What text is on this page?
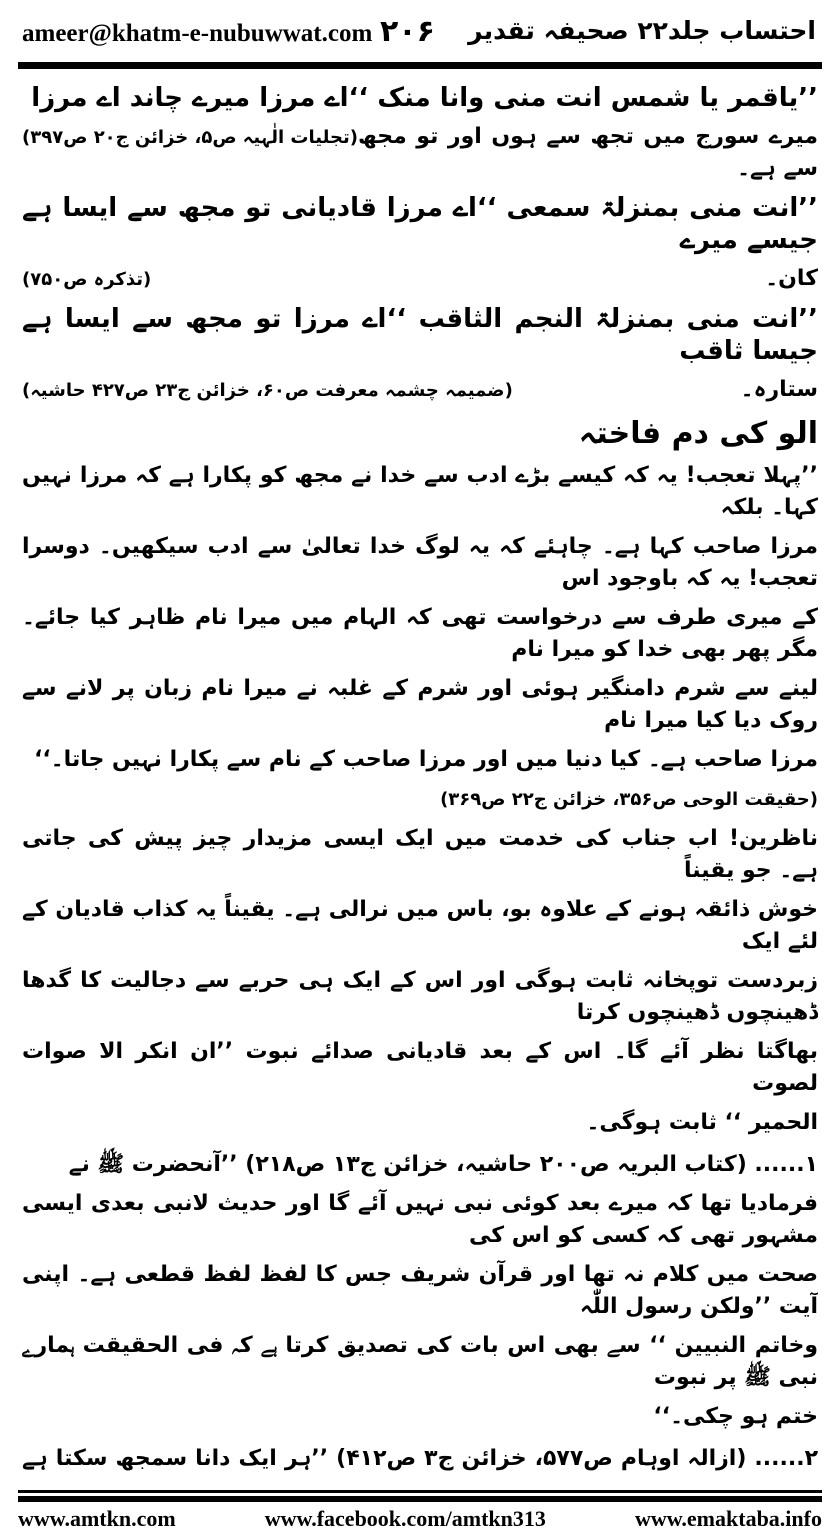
ameer@khatm-e-nubuwwat.com ۲۰۶ احتساب جلد۲۲ صحیفہ تقدیر

’’یاقمر یا شمس انت منی وانا منک ‘‘اے مرزا میرے چاند اے مرزا

میرے سورج میں تجھ سے ہوں اور تو مجھ سے ہے۔
(تجلیات الٰہیہ ص۵، خزائن ج۲۰ ص۳۹۷)

’’انت منی بمنزلۃ سمعی ‘‘اے مرزا قادیانی تو مجھ سے ایسا ہے جیسے میرے

کان۔
(تذکرہ ص۷۵۰)

’’انت منی بمنزلۃ النجم الثاقب ‘‘اے مرزا تو مجھ سے ایسا ہے جیسا ثاقب

ستارہ۔
(ضمیمہ چشمہ معرفت ص۶۰، خزائن ج۲۳ ص۴۲۷ حاشیہ)
الو کی دم فاختہ

’’پہلا تعجب! یہ کہ کیسے بڑے ادب سے خدا نے مجھ کو پکارا ہے کہ مرزا نہیں کہا۔ بلکہ

مرزا صاحب کہا ہے۔ چاہئے کہ یہ لوگ خدا تعالیٰ سے ادب سیکھیں۔ دوسرا تعجب! یہ کہ باوجود اس

کے میری طرف سے درخواست تھی کہ الہام میں میرا نام ظاہر کیا جائے۔ مگر پھر بھی خدا کو میرا نام

لینے سے شرم دامنگیر ہوئی اور شرم کے غلبہ نے میرا نام زبان پر لانے سے روک دیا کیا میرا نام

مرزا صاحب ہے۔ کیا دنیا میں اور مرزا صاحب کے نام سے پکارا نہیں جاتا۔‘‘

(حقیقت الوحی ص۳۵۶، خزائن ج۲۲ ص۳۶۹)

ناظرین! اب جناب کی خدمت میں ایک ایسی مزیدار چیز پیش کی جاتی ہے۔ جو یقیناً

خوش ذائقہ ہونے کے علاوہ بو، باس میں نرالی ہے۔ یقیناً یہ کذاب قادیان کے لئے ایک

زبردست توپخانہ ثابت ہوگی اور اس کے ایک ہی حربے سے دجالیت کا گدھا ڈھینچوں ڈھینچوں کرتا

بھاگتا نظر آئے گا۔ اس کے بعد قادیانی صدائے نبوت ’’ان انکر الا صوات لصوت

الحمیر ‘‘ ثابت ہوگی۔

۱...... (کتاب البریہ ص۲۰۰ حاشیہ، خزائن ج۱۳ ص۲۱۸) ’’آنحضرت ﷺ نے

فرمادیا تھا کہ میرے بعد کوئی نبی نہیں آئے گا اور حدیث لانبی بعدی ایسی مشہور تھی کہ کسی کو اس کی

صحت میں کلام نہ تھا اور قرآن شریف جس کا لفظ لفظ قطعی ہے۔ اپنی آیت ’’ولکن رسول اللّٰہ

وخاتم النبیین ‘‘ سے بھی اس بات کی تصدیق کرتا ہے کہ فی الحقیقت ہمارے نبی ﷺ پر نبوت

ختم ہو چکی۔‘‘

۲...... (ازالہ اوہام ص۵۷۷، خزائن ج۳ ص۴۱۲) ’’ہر ایک دانا سمجھ سکتا ہے

www.amtkn.com	www.facebook.com/amtkn313	www.emaktaba.info
